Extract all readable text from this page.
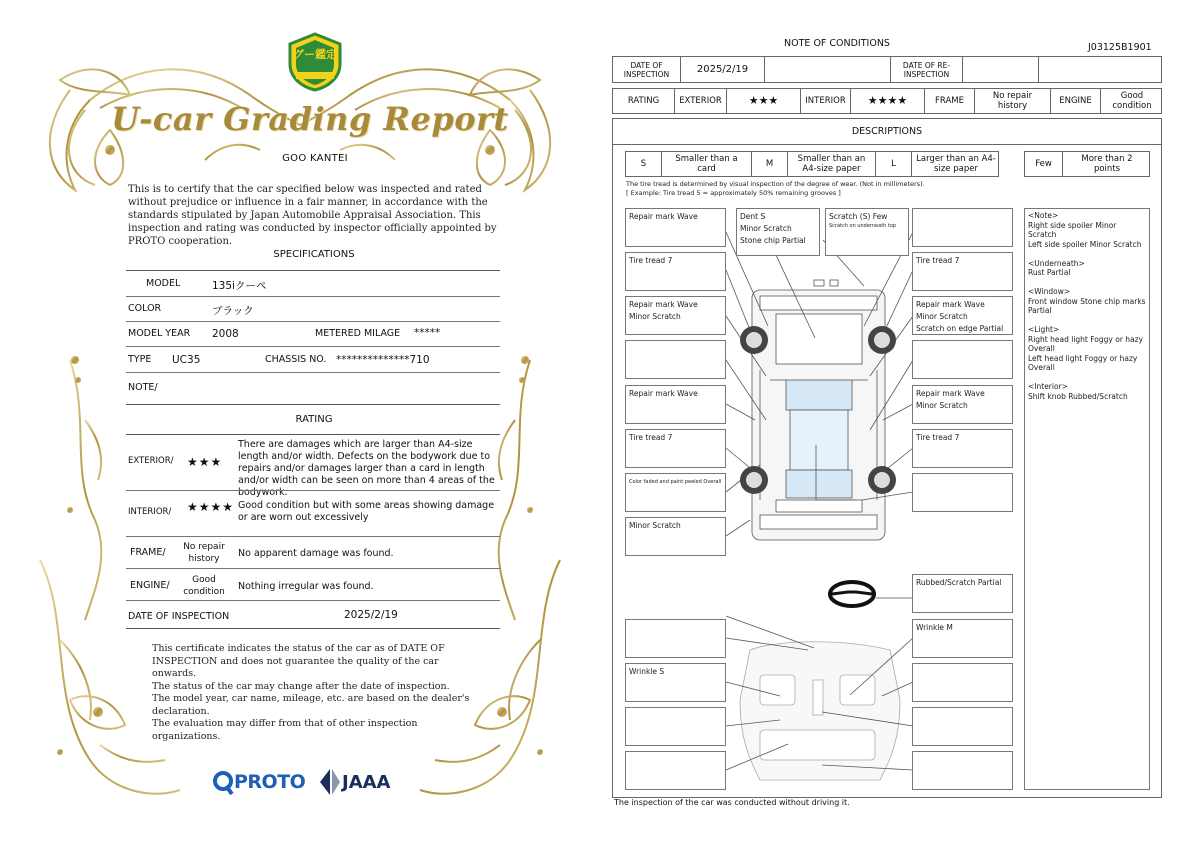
グー鑑定
U-car Grading Report
GOO KANTEI
This is to certify that the car specified below was inspected and rated without prejudice or influence in a fair manner, in accordance with the standards stipulated by Japan Automobile Appraisal Association. This inspection and rating was conducted by inspector officially appointed by PROTO cooperation.
SPECIFICATIONS
MODEL	135iクーペ
COLOR	ブラック
MODEL YEAR 2008	METERED MILAGE *****
TYPE UC35	CHASSIS NO. **************710
NOTE/
RATING
EXTERIOR/ ★★★
There are damages which are larger than A4-size length and/or width. Defects on the bodywork due to repairs and/or damages larger than a card in length and/or width can be seen on more than 4 areas of the bodywork.
INTERIOR/ ★★★★ Good condition but with some areas showing damage or are worn out excessively
FRAME/	No repair history	No apparent damage was found.
ENGINE/	Good condition	Nothing irregular was found.
DATE OF INSPECTION	2025/2/19
This certificate indicates the status of the car as of DATE OF INSPECTION and does not guarantee the quality of the car onwards.
The status of the car may change after the date of inspection.
The model year, car name, mileage, etc. are based on the dealer's declaration.
The evaluation may differ from that of other inspection organizations.
PROTO JAAA
NOTE OF CONDITIONS	J03125B1901
DATE OF INSPECTION	2025/2/19	DATE OF RE-INSPECTION
RATING	EXTERIOR	★★★	INTERIOR	★★★★	FRAME	No repair history	ENGINE	Good condition
DESCRIPTIONS
S	Smaller than a card	M	Smaller than an A4-size paper	L	Larger than an A4-size paper	Few	More than 2 points
The tire tread is determined by visual inspection of the degree of wear. (Not in millimeters).
[ Example: Tire tread 5 = approximately 50% remaining grooves ]
Repair mark Wave
Tire tread 7
Repair mark Wave
Minor Scratch
Repair mark Wave
Tire tread 7
Color faded and paint peeled Overall
Minor Scratch
Dent S
Minor Scratch
Stone chip Partial
Scratch (S) Few
Scratch on underneath top
Tire tread 7
Repair mark Wave
Minor Scratch
Scratch on edge Partial
Repair mark Wave
Minor Scratch
Tire tread 7
Rubbed/Scratch Partial
Wrinkle S
Wrinkle M
<Note>
Right side spoiler Minor Scratch
Left side spoiler Minor Scratch
<Underneath>
Rust Partial
<Window>
Front window Stone chip marks Partial
<Light>
Right head light Foggy or hazy Overall
Left head light Foggy or hazy Overall
<Interior>
Shift knob Rubbed/Scratch
The inspection of the car was conducted without driving it.
